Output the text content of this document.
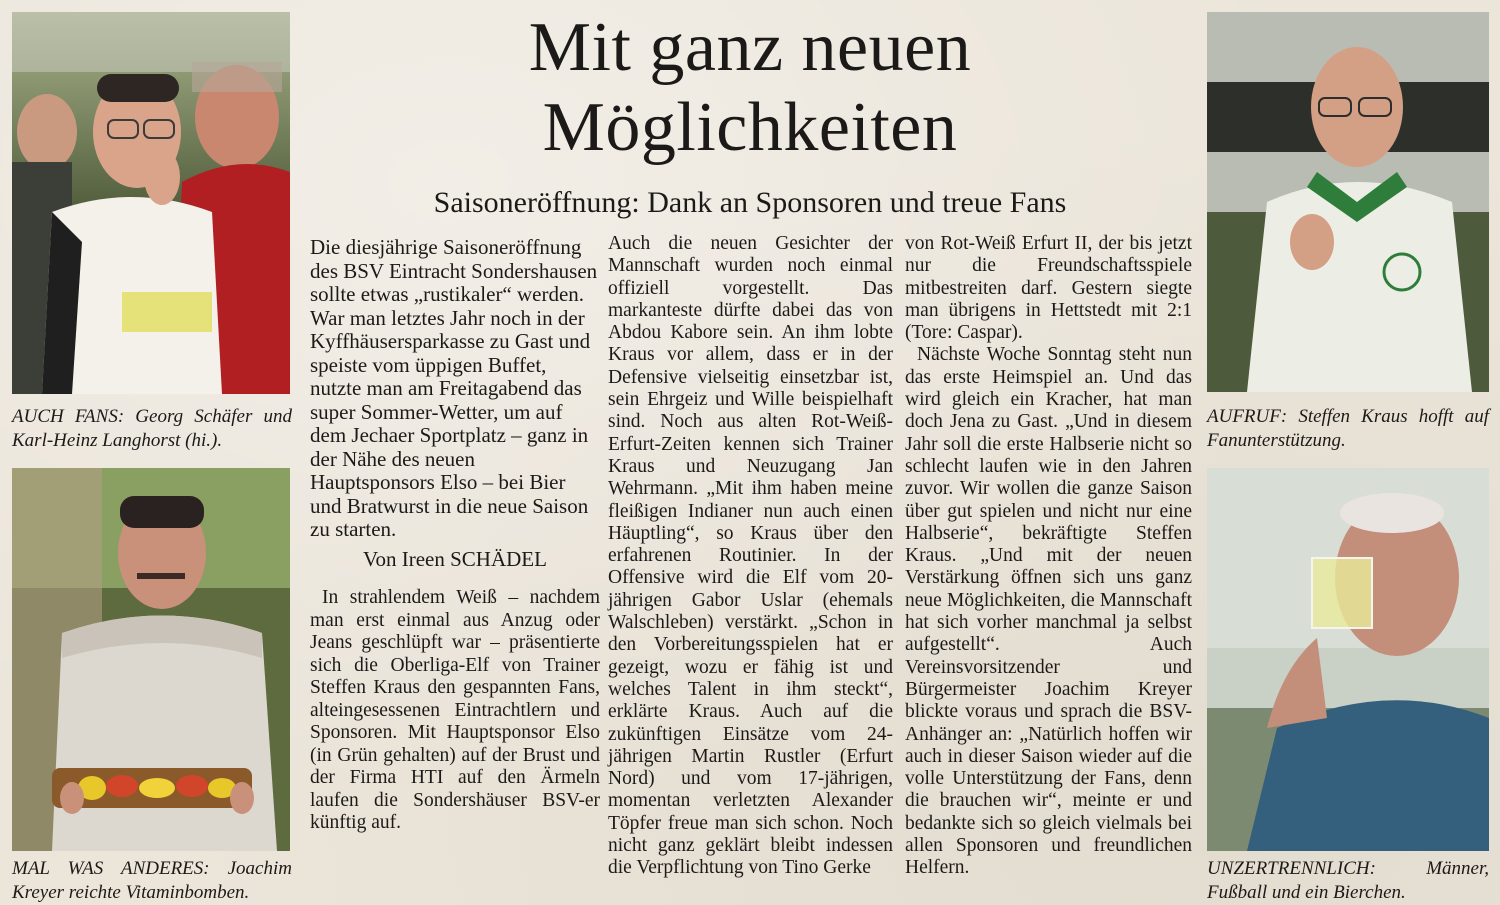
AUCH FANS: Georg Schäfer und Karl-Heinz Langhorst (hi.).
MAL WAS ANDERES: Joachim Kreyer reichte Vitaminbomben.
AUFRUF: Steffen Kraus hofft auf Fanunterstützung.
UNZERTRENNLICH: Männer, Fußball und ein Bierchen.
Mit ganz neuen
Möglichkeiten
Saisoneröffnung: Dank an Sponsoren und treue Fans

Die diesjährige Saisoneröffnung des BSV Eintracht Sondershausen sollte etwas „rustikaler“ werden. War man letztes Jahr noch in der Kyffhäusersparkasse zu Gast und speiste vom üppigen Buffet, nutzte man am Freitagabend das super Sommer-Wetter, um auf dem Jechaer Sportplatz – ganz in der Nähe des neuen Hauptsponsors Elso – bei Bier und Bratwurst in die neue Saison zu starten.

Von Ireen SCHÄDEL

In strahlendem Weiß – nachdem man erst einmal aus Anzug oder Jeans geschlüpft war – präsentierte sich die Oberliga-Elf von Trainer Steffen Kraus den gespannten Fans, alteingesessenen Eintrachtlern und Sponsoren. Mit Hauptsponsor Elso (in Grün gehalten) auf der Brust und der Firma HTI auf den Ärmeln laufen die Sondershäuser BSV-er künftig auf.

Auch die neuen Gesichter der Mannschaft wurden noch einmal offiziell vorgestellt. Das markanteste dürfte dabei das von Abdou Kabore sein. An ihm lobte Kraus vor allem, dass er in der Defensive vielseitig einsetzbar ist, sein Ehrgeiz und Wille beispielhaft sind. Noch aus alten Rot-Weiß-Erfurt-Zeiten kennen sich Trainer Kraus und Neuzugang Jan Wehrmann. „Mit ihm haben meine fleißigen Indianer nun auch einen Häuptling“, so Kraus über den erfahrenen Routinier. In der Offensive wird die Elf vom 20-jährigen Gabor Uslar (ehemals Walschleben) verstärkt. „Schon in den Vorbereitungsspielen hat er gezeigt, wozu er fähig ist und welches Talent in ihm steckt“, erklärte Kraus. Auch auf die zukünftigen Einsätze vom 24-jährigen Martin Rustler (Erfurt Nord) und vom 17-jährigen, momentan verletzten Alexander Töpfer freue man sich schon. Noch nicht ganz geklärt bleibt indessen die Verpflichtung von Tino Gerke

von Rot-Weiß Erfurt II, der bis jetzt nur die Freundschaftsspiele mitbestreiten darf. Gestern siegte man übrigens in Hettstedt mit 2:1 (Tore: Caspar).

Nächste Woche Sonntag steht nun das erste Heimspiel an. Und das wird gleich ein Kracher, hat man doch Jena zu Gast. „Und in diesem Jahr soll die erste Halbserie nicht so schlecht laufen wie in den Jahren zuvor. Wir wollen die ganze Saison über gut spielen und nicht nur eine Halbserie“, bekräftigte Steffen Kraus. „Und mit der neuen Verstärkung öffnen sich uns ganz neue Möglichkeiten, die Mannschaft hat sich vorher manchmal ja selbst aufgestellt“. Auch Vereinsvorsitzender und Bürgermeister Joachim Kreyer blickte voraus und sprach die BSV-Anhänger an: „Natürlich hoffen wir auch in dieser Saison wieder auf die volle Unterstützung der Fans, denn die brauchen wir“, meinte er und bedankte sich so gleich vielmals bei allen Sponsoren und freundlichen Helfern.
